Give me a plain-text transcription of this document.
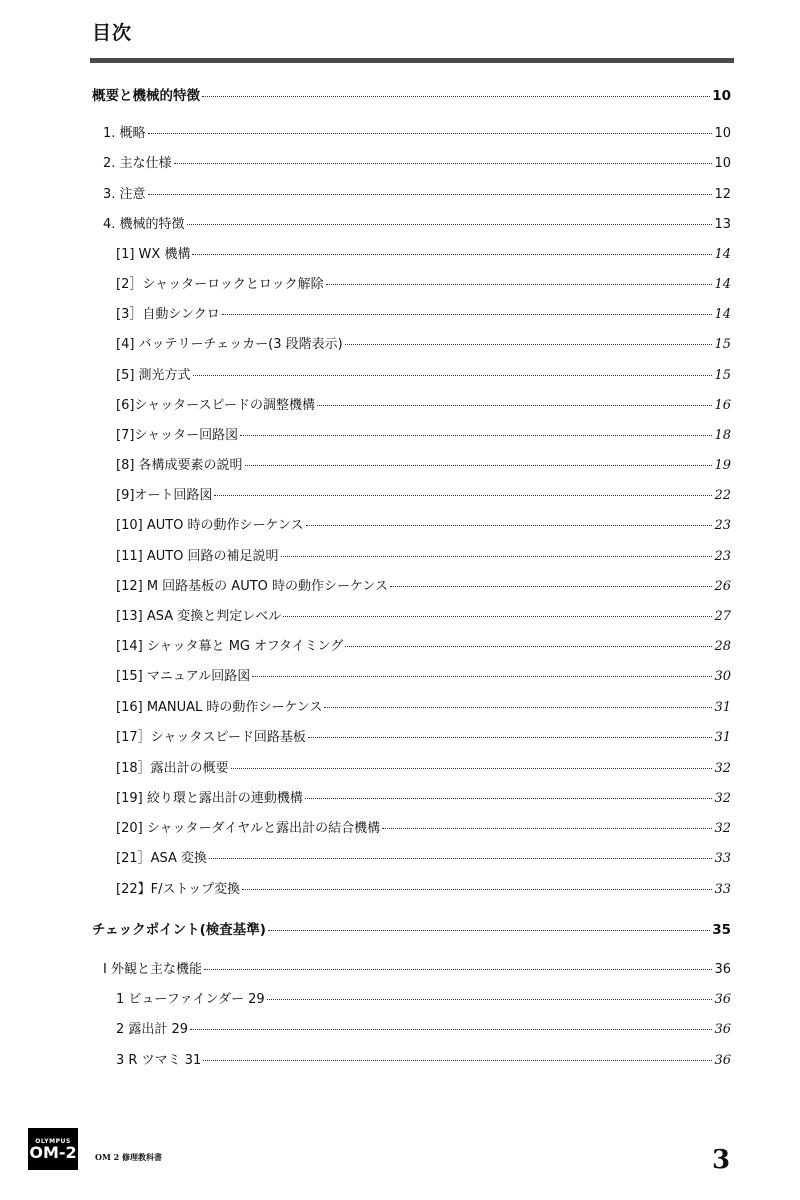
目次
概要と機械的特徴	10
1. 概略	10
2. 主な仕様	10
3. 注意	12
4. 機械的特徴	13
[1] WX 機構	14
[2］シャッターロックとロック解除	14
[3］自動シンクロ	14
[4] バッテリーチェッカー(3 段階表示)	15
[5] 測光方式	15
[6]シャッタースピードの調整機構	16
[7]シャッター回路図	18
[8] 各構成要素の説明	19
[9]オート回路図	22
[10] AUTO 時の動作シーケンス	23
[11] AUTO 回路の補足説明	23
[12] M 回路基板の AUTO 時の動作シーケンス	26
[13] ASA 変換と判定レベル	27
[14] シャッタ幕と MG オフタイミング	28
[15] マニュアル回路図	30
[16] MANUAL 時の動作シーケンス	31
[17］シャッタスピード回路基板	31
[18］露出計の概要	32
[19] 絞り環と露出計の連動機構	32
[20] シャッターダイヤルと露出計の結合機構	32
[21］ASA 変換	33
[22】F/ストップ変換	33
チェックポイント(検査基準)	35
I 外観と主な機能	36
1 ビューファインダー 29	36
2 露出計 29	36
3 R ツマミ 31	36
OLYMPUS
OM-2 OM 2 修理教科書	3
